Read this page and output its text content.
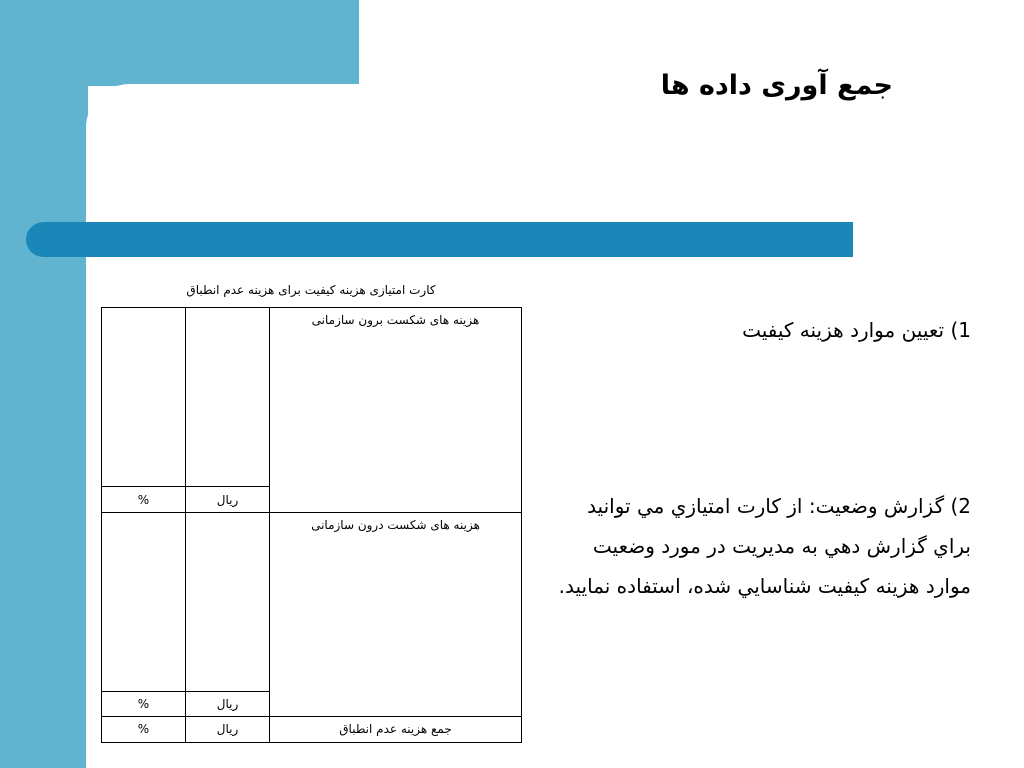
جمع آوری داده ها
1) تعیین موارد هزینه کیفیت
2) گزارش وضعیت: از کارت امتیازي مي توانید براي گزارش دهي به مدیریت در مورد وضعیت موارد هزینه کیفیت شناسايي شده، استفاده نمایید.
کارت امتیازی هزینه کیفیت برای هزینه عدم انطباق
هزینه های شکست برون سازمانی
ریال
%
هزینه های شکست درون سازمانی
ریال
%
جمع هزینه عدم انطباق
ریال
%
